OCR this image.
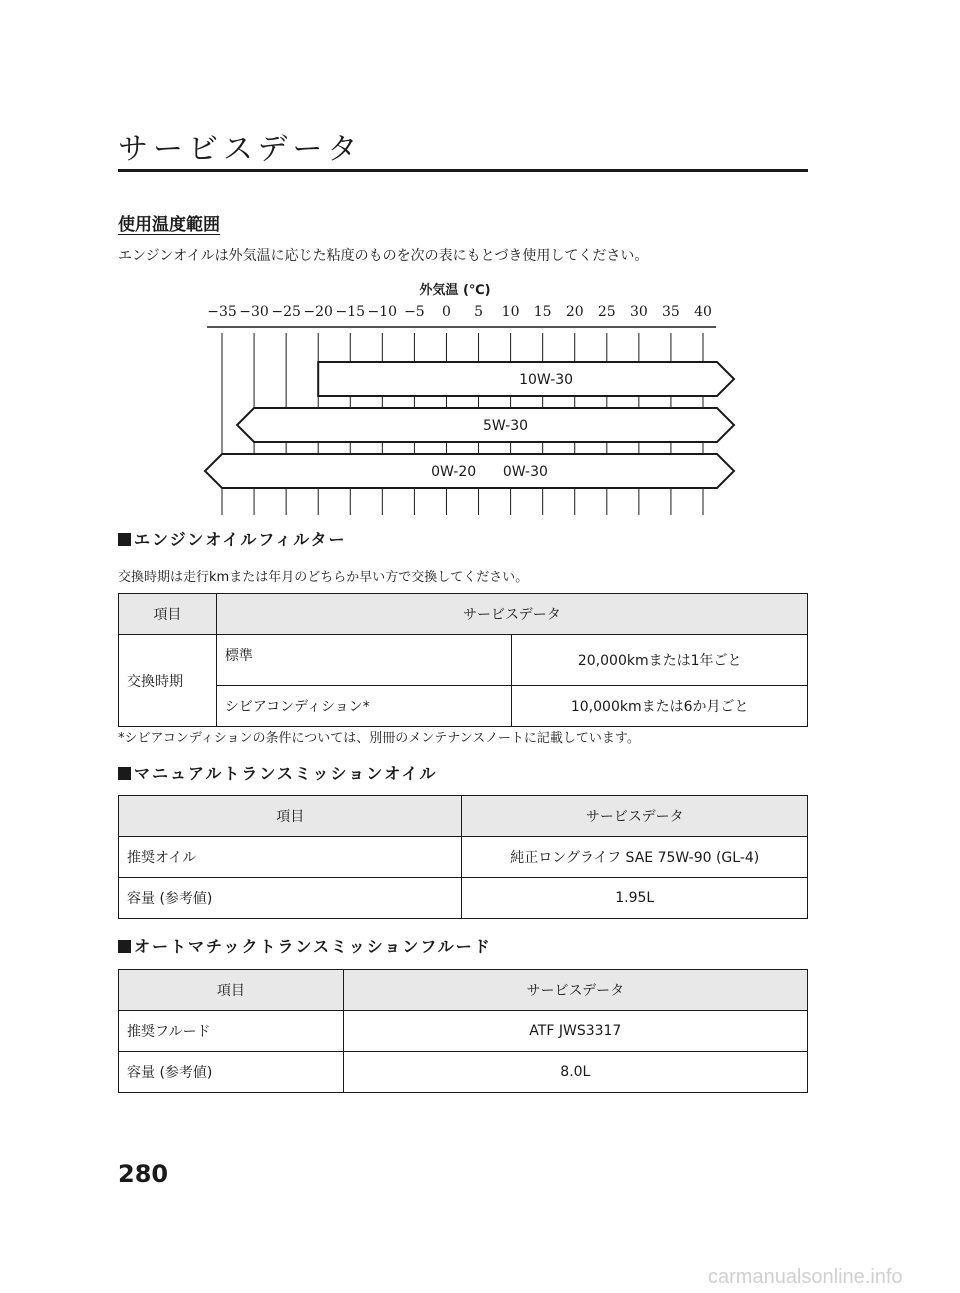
サービスデータ
使用温度範囲

エンジンオイルは外気温に応じた粘度のものを次の表にもとづき使用してください。

外気温 (℃)
−35 −30 −25 −20 −15 −10 −5 0 5 10 15 20 25 30 35 40
10W-30
5W-30
0W-20      0W-30
エンジンオイルフィルター

交換時期は走行kmまたは年月のどちらか早い方で交換してください。

項目	サービスデータ	
交換時期	標準	20,000kmまたは1年ごと
	シビアコンディション*	10,000kmまたは6か月ごと

*シビアコンディションの条件については、別冊のメンテナンスノートに記載しています。

マニュアルトランスミッションオイル
項目	サービスデータ
推奨オイル	純正ロングライフ SAE 75W-90 (GL-4)
容量 (参考値)	1.95L
オートマチックトランスミッションフルード
項目	サービスデータ
推奨フルード	ATF JWS3317
容量 (参考値)	8.0L

280

carmanualsonline.info
